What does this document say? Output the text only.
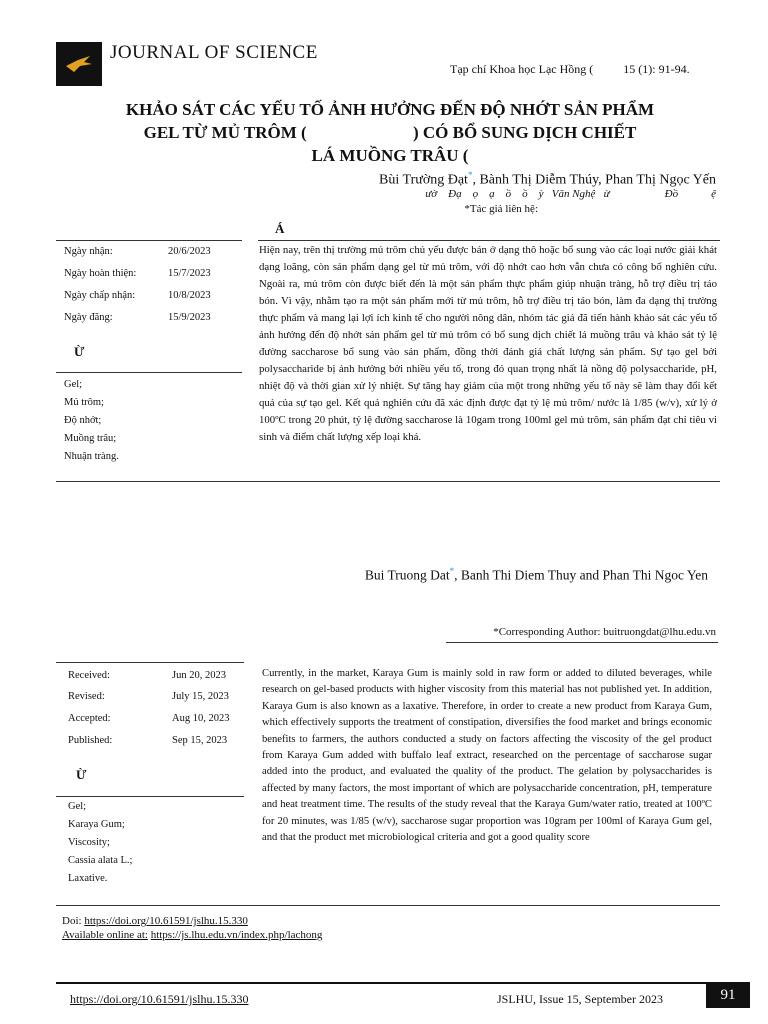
JOURNAL OF SCIENCE
Tạp chí Khoa học Lạc Hồng (          15 (1): 91-94.
KHẢO SÁT CÁC YẾU TỐ ẢNH HƯỞNG ĐẾN ĐỘ NHỚT SẢN PHẨM
GEL TỪ MỦ TRÔM (                         ) CÓ BỔ SUNG DỊCH CHIẾT
LÁ MUỒNG TRÂU (
Bùi Trường Đạt*, Bành Thị Diễm Thúy, Phan Thị Ngọc Yến
ườ    Đạ    ọ    ạ    ồ    ồ    ỳ   Văn Nghệ   ừ                    Đồ            ệ
*Tác giả liên hệ:
Á
Ngày nhận:	20/6/2023
Ngày hoàn thiện:	15/7/2023
Ngày chấp nhận:	10/8/2023
Ngày đăng:	15/9/2023
Ừ
Gel;
Mủ trôm;
Độ nhớt;
Muồng trâu;
Nhuận tràng.
Hiện nay, trên thị trường mủ trôm chủ yếu được bán ở dạng thô hoặc bổ sung vào các loại nước giải khát dạng loãng, còn sản phẩm dạng gel từ mủ trôm, với độ nhớt cao hơn vẫn chưa có công bố nghiên cứu. Ngoài ra, mủ trôm còn được biết đến là một sản phẩm thực phẩm giúp nhuận tràng, hỗ trợ điều trị táo bón. Vì vậy, nhằm tạo ra một sản phẩm mới từ mủ trôm, hỗ trợ điều trị táo bón, làm đa dạng thị trường thực phẩm và mang lại lợi ích kinh tế cho người nông dân, nhóm tác giả đã tiến hành khảo sát các yếu tố ảnh hưởng đến độ nhớt sản phẩm gel từ mủ trôm có bổ sung dịch chiết lá muồng trâu và khảo sát tỷ lệ đường saccharose bổ sung vào sản phẩm, đồng thời đánh giá chất lượng sản phẩm. Sự tạo gel bởi polysaccharide bị ảnh hưởng bởi nhiều yếu tố, trong đó quan trọng nhất là nồng độ polysaccharide, pH, nhiệt độ và thời gian xử lý nhiệt. Sự tăng hay giảm của một trong những yếu tố này sẽ làm thay đổi kết quả của sự tạo gel. Kết quả nghiên cứu đã xác định được đạt tỷ lệ mủ trôm/ nước là 1/85 (w/v), xử lý ở 100ºC trong 20 phút, tỷ lệ đường saccharose là 10gam trong 100ml gel mủ trôm, sản phẩm đạt chỉ tiêu vi sinh và điểm chất lượng xếp loại khá.
Bui Truong Dat*, Banh Thi Diem Thuy and Phan Thi Ngoc Yen
*Corresponding Author: buitruongdat@lhu.edu.vn
Received:	Jun 20, 2023
Revised:	July 15, 2023
Accepted:	Aug 10, 2023
Published:	Sep 15, 2023
Ừ
Gel;
Karaya Gum;
Viscosity;
Cassia alata L.;
Laxative.
Currently, in the market, Karaya Gum is mainly sold in raw form or added to diluted beverages, while research on gel-based products with higher viscosity from this material has not published yet. In addition, Karaya Gum is also known as a laxative. Therefore, in order to create a new product from Karaya Gum, which effectively supports the treatment of constipation, diversifies the food market and brings economic benefits to farmers, the authors conducted a study on factors affecting the viscosity of the gel product from Karaya Gum added with buffalo leaf extract, researched on the percentage of saccharose sugar added into the product, and evaluated the quality of the product. The gelation by polysaccharides is affected by many factors, the most important of which are polysaccharide concentration, pH, temperature and heat treatment time. The results of the study reveal that the Karaya Gum/water ratio, treated at 100ºC for 20 minutes, was 1/85 (w/v), saccharose sugar proportion was 10gram per 100ml of Karaya Gum gel, and that the product met microbiological criteria and got a good quality score
Doi: https://doi.org/10.61591/jslhu.15.330
Available online at: https://js.lhu.edu.vn/index.php/lachong
https://doi.org/10.61591/jslhu.15.330	JSLHU, Issue 15, September 2023	91
